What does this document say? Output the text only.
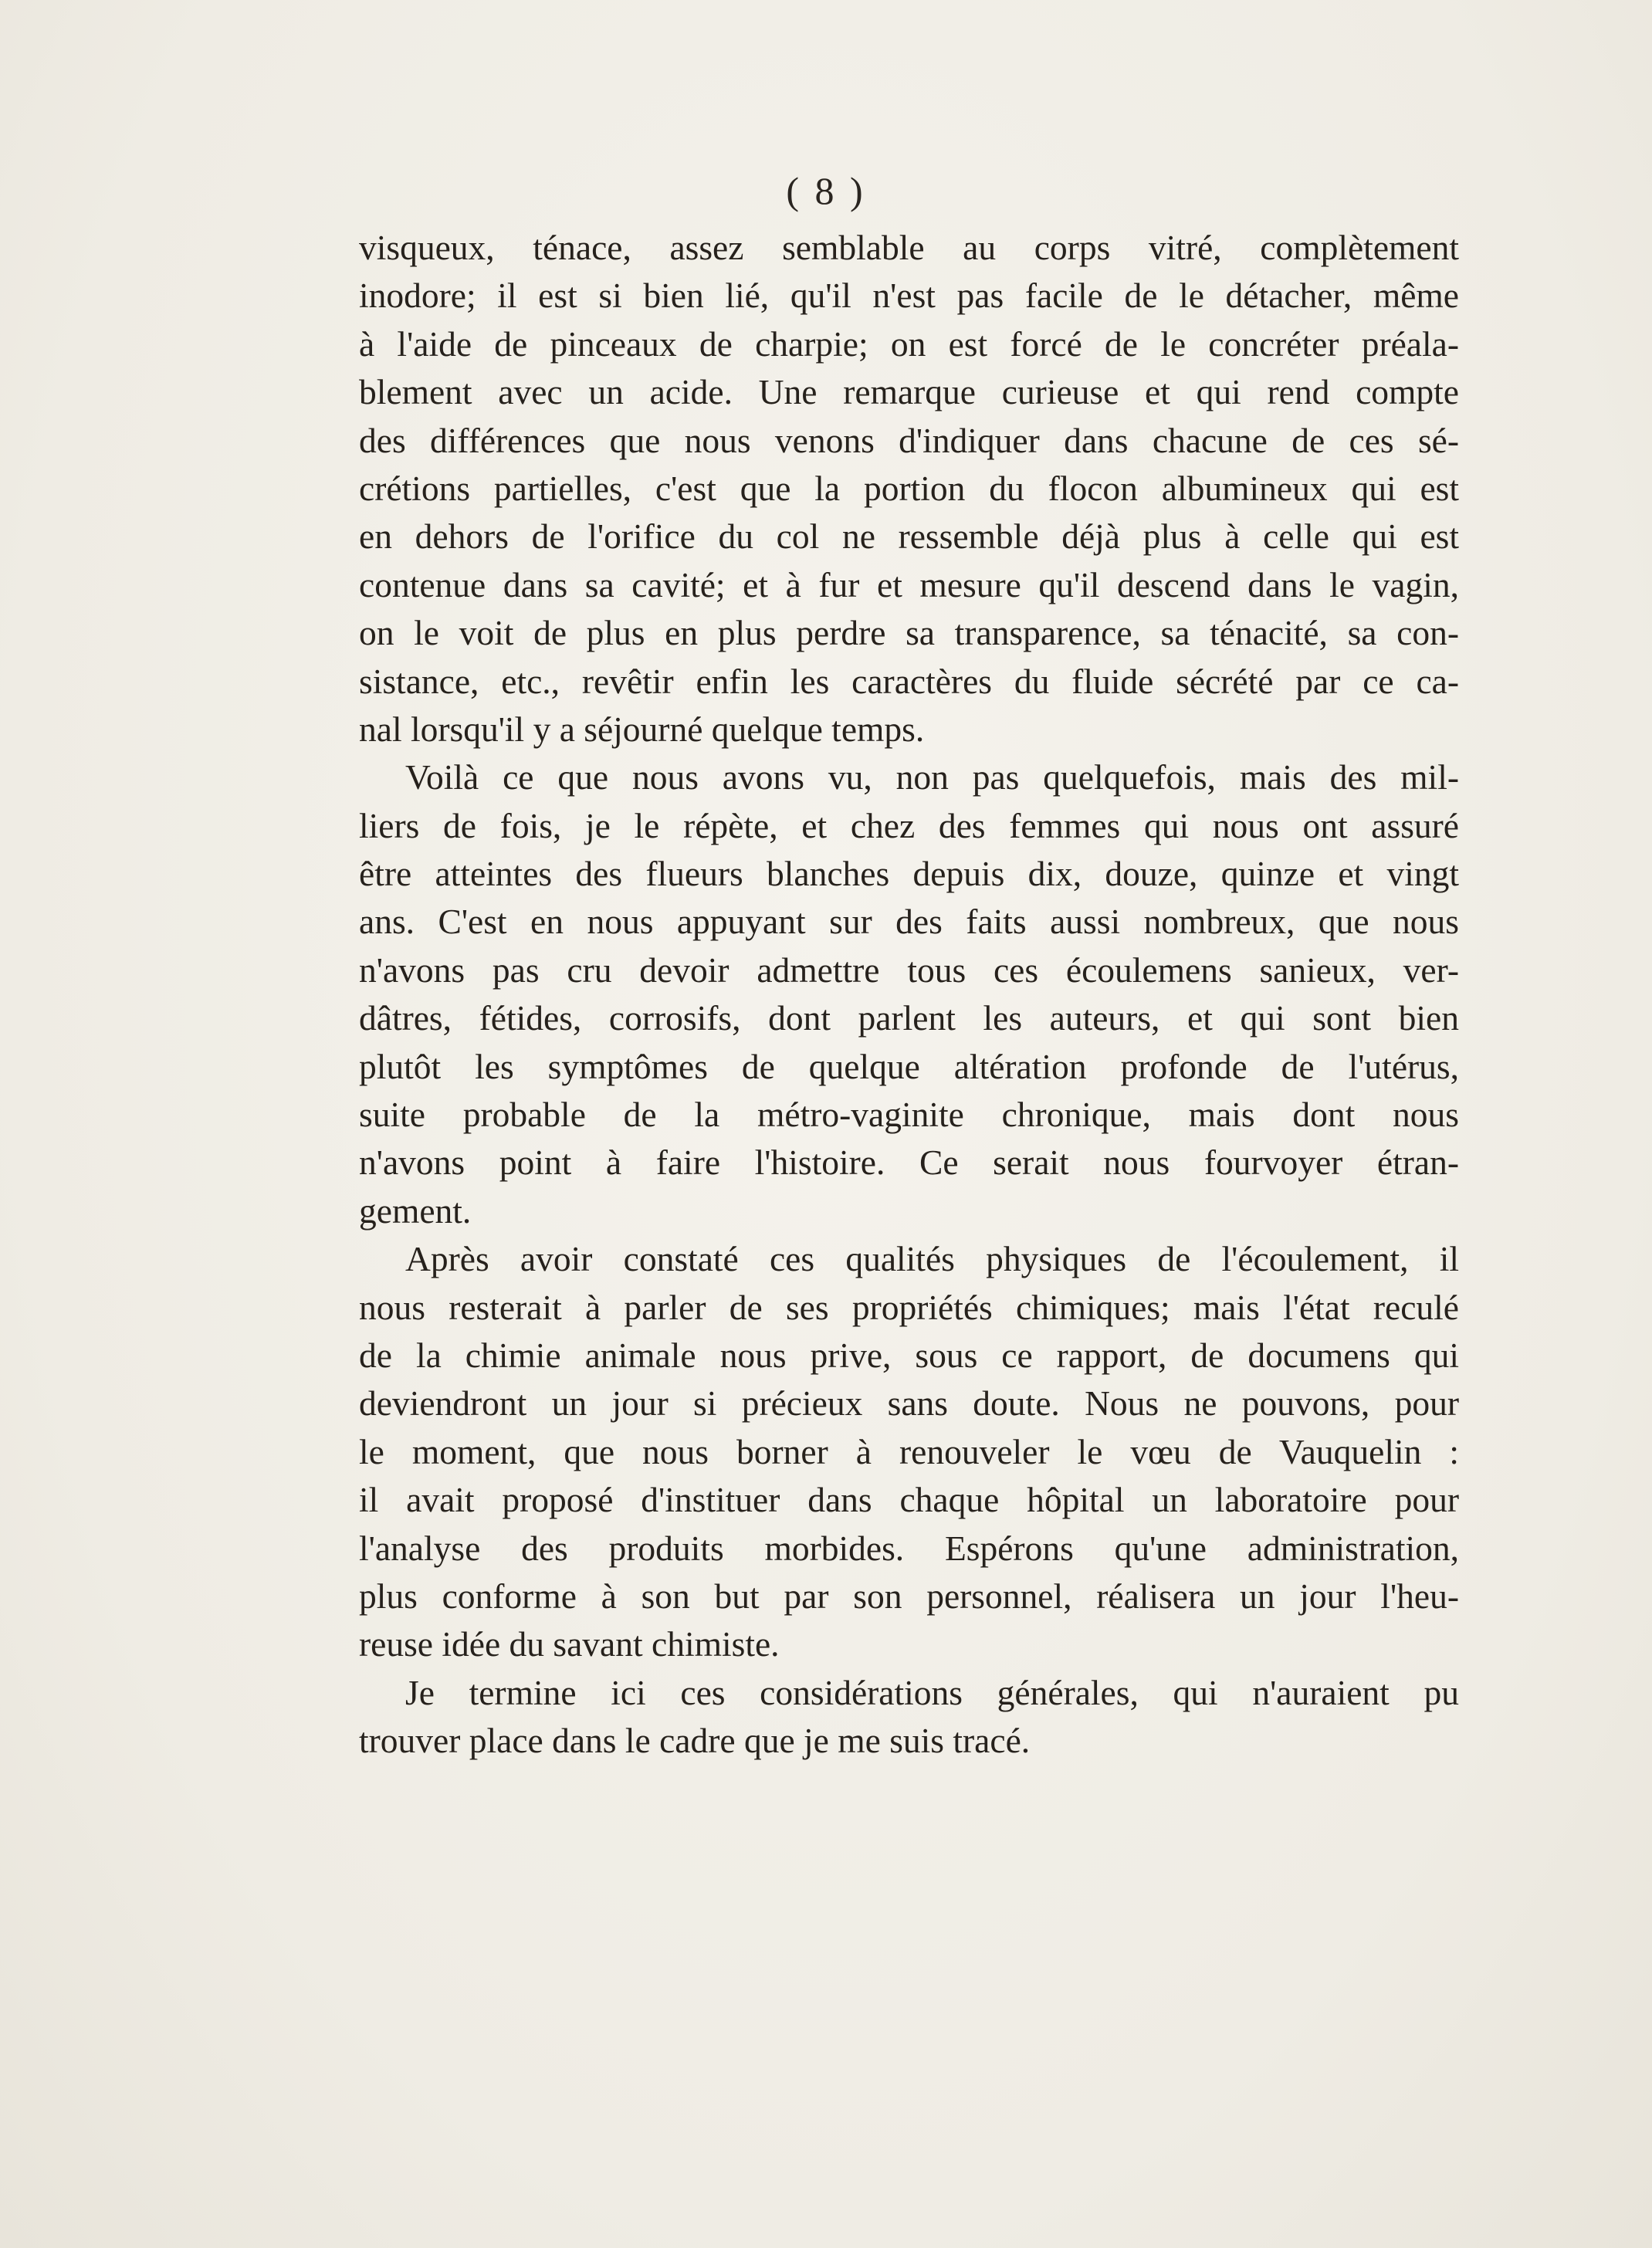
( 8 )
visqueux, ténace, assez semblable au corps vitré, complètement
inodore; il est si bien lié, qu'il n'est pas facile de le détacher, même
à l'aide de pinceaux de charpie; on est forcé de le concréter préala-
blement avec un acide. Une remarque curieuse et qui rend compte
des différences que nous venons d'indiquer dans chacune de ces sé-
crétions partielles, c'est que la portion du flocon albumineux qui est
en dehors de l'orifice du col ne ressemble déjà plus à celle qui est
contenue dans sa cavité; et à fur et mesure qu'il descend dans le vagin,
on le voit de plus en plus perdre sa transparence, sa ténacité, sa con-
sistance, etc., revêtir enfin les caractères du fluide sécrété par ce ca-
nal lorsqu'il y a séjourné quelque temps.
Voilà ce que nous avons vu, non pas quelquefois, mais des mil-
liers de fois, je le répète, et chez des femmes qui nous ont assuré
être atteintes des flueurs blanches depuis dix, douze, quinze et vingt
ans. C'est en nous appuyant sur des faits aussi nombreux, que nous
n'avons pas cru devoir admettre tous ces écoulemens sanieux, ver-
dâtres, fétides, corrosifs, dont parlent les auteurs, et qui sont bien
plutôt les symptômes de quelque altération profonde de l'utérus,
suite probable de la métro-vaginite chronique, mais dont nous
n'avons point à faire l'histoire. Ce serait nous fourvoyer étran-
gement.
Après avoir constaté ces qualités physiques de l'écoulement, il
nous resterait à parler de ses propriétés chimiques; mais l'état reculé
de la chimie animale nous prive, sous ce rapport, de documens qui
deviendront un jour si précieux sans doute. Nous ne pouvons, pour
le moment, que nous borner à renouveler le vœu de Vauquelin :
il avait proposé d'instituer dans chaque hôpital un laboratoire pour
l'analyse des produits morbides. Espérons qu'une administration,
plus conforme à son but par son personnel, réalisera un jour l'heu-
reuse idée du savant chimiste.
Je termine ici ces considérations générales, qui n'auraient pu
trouver place dans le cadre que je me suis tracé.
